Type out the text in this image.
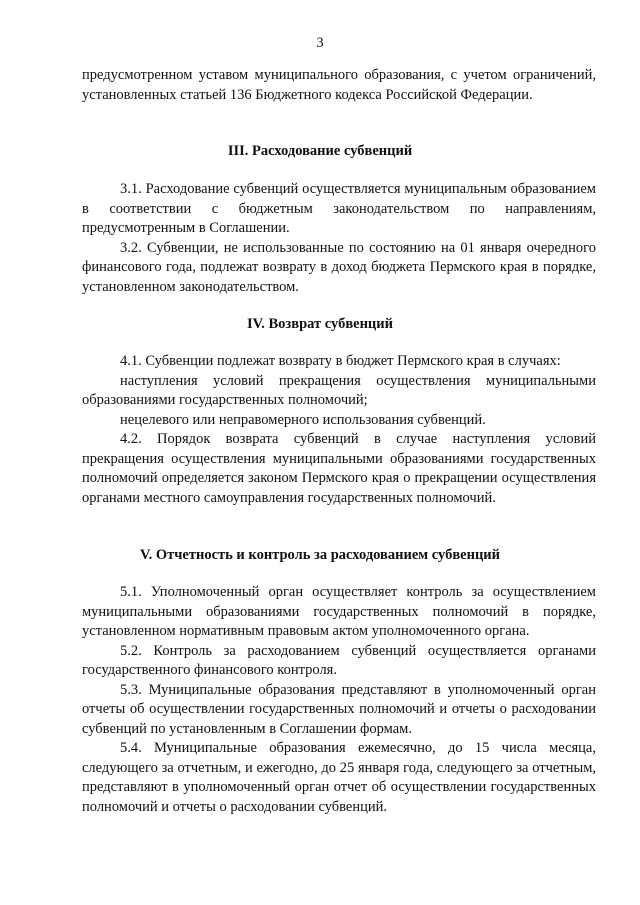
3

предусмотренном уставом муниципального образования, с учетом ограничений, установленных статьей 136 Бюджетного кодекса Российской Федерации.

III. Расходование субвенций

3.1. Расходование субвенций осуществляется муниципальным образованием в соответствии с бюджетным законодательством по направлениям, предусмотренным в Соглашении.

3.2. Субвенции, не использованные по состоянию на 01 января очередного финансового года, подлежат возврату в доход бюджета Пермского края в порядке, установленном законодательством.

IV. Возврат субвенций

4.1. Субвенции подлежат возврату в бюджет Пермского края в случаях:

наступления условий прекращения осуществления муниципальными образованиями государственных полномочий;

нецелевого или неправомерного использования субвенций.

4.2. Порядок возврата субвенций в случае наступления условий прекращения осуществления муниципальными образованиями государственных полномочий определяется законом Пермского края о прекращении осуществления органами местного самоуправления государственных полномочий.

V. Отчетность и контроль за расходованием субвенций

5.1. Уполномоченный орган осуществляет контроль за осуществлением муниципальными образованиями государственных полномочий в порядке, установленном нормативным правовым актом уполномоченного органа.

5.2. Контроль за расходованием субвенций осуществляется органами государственного финансового контроля.

5.3. Муниципальные образования представляют в уполномоченный орган отчеты об осуществлении государственных полномочий и отчеты о расходовании субвенций по установленным в Соглашении формам.

5.4. Муниципальные образования ежемесячно, до 15 числа месяца, следующего за отчетным, и ежегодно, до 25 января года, следующего за отчетным, представляют в уполномоченный орган отчет об осуществлении государственных полномочий и отчеты о расходовании субвенций.
